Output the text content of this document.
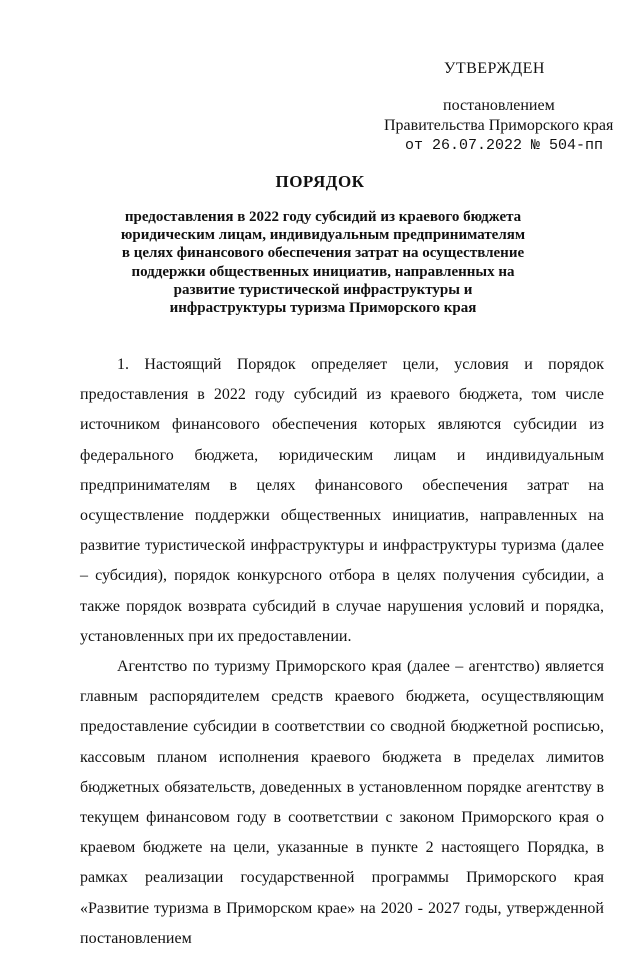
УТВЕРЖДЕН
постановлением
Правительства Приморского края
от 26.07.2022 № 504-пп
ПОРЯДОК
предоставления в 2022 году субсидий из краевого бюджета юридическим лицам, индивидуальным предпринимателям в целях финансового обеспечения затрат на осуществление поддержки общественных инициатив, направленных на развитие туристической инфраструктуры и инфраструктуры туризма Приморского края

1. Настоящий Порядок определяет цели, условия и порядок предоставления в 2022 году субсидий из краевого бюджета, том числе источником финансового обеспечения которых являются субсидии из федерального бюджета, юридическим лицам и индивидуальным предпринимателям в целях финансового обеспечения затрат на осуществление поддержки общественных инициатив, направленных на развитие туристической инфраструктуры и инфраструктуры туризма (далее – субсидия), порядок конкурсного отбора в целях получения субсидии, а также порядок возврата субсидий в случае нарушения условий и порядка, установленных при их предоставлении.

Агентство по туризму Приморского края (далее – агентство) является главным распорядителем средств краевого бюджета, осуществляющим предоставление субсидии в соответствии со сводной бюджетной росписью, кассовым планом исполнения краевого бюджета в пределах лимитов бюджетных обязательств, доведенных в установленном порядке агентству в текущем финансовом году в соответствии с законом Приморского края о краевом бюджете на цели, указанные в пункте 2 настоящего Порядка, в рамках реализации государственной программы Приморского края «Развитие туризма в Приморском крае» на 2020 - 2027 годы, утвержденной постановлением
